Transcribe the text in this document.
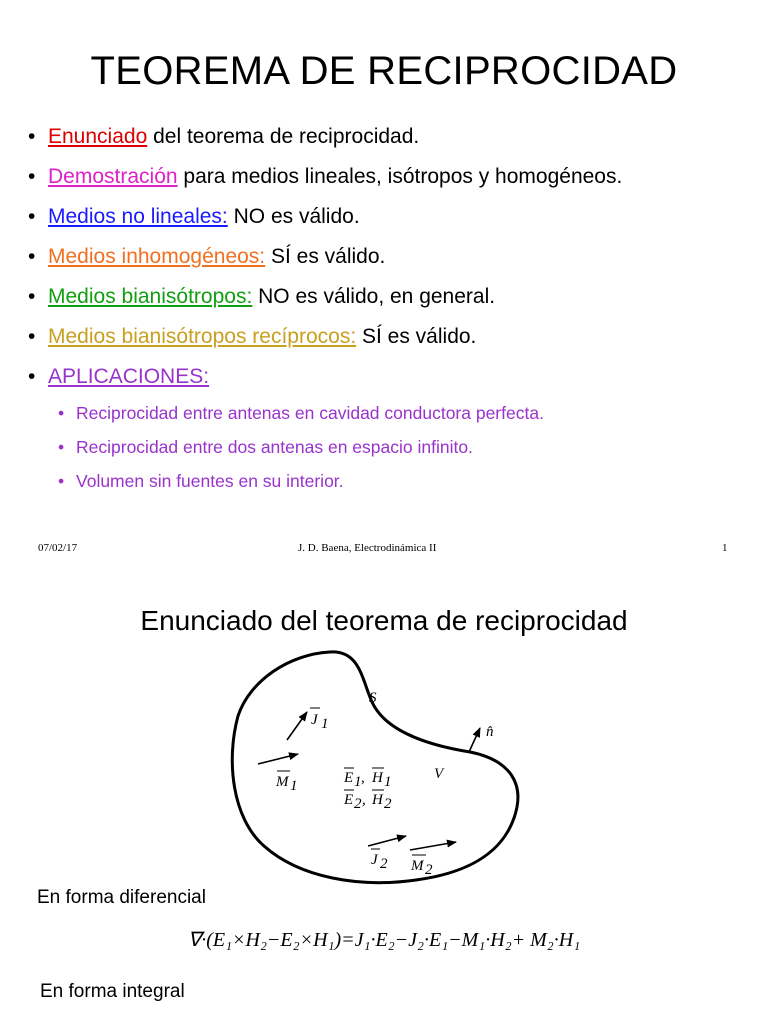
TEOREMA DE RECIPROCIDAD
• Enunciado del teorema de reciprocidad.
• Demostración para medios lineales, isótropos y homogéneos.
• Medios no lineales: NO es válido.
• Medios inhomogéneos: SÍ es válido.
• Medios bianisótropos: NO es válido, en general.
• Medios bianisótropos recíprocos: SÍ es válido.
• APLICACIONES:
• Reciprocidad entre antenas en cavidad conductora perfecta.
• Reciprocidad entre dos antenas en espacio infinito.
• Volumen sin fuentes en su interior.
07/02/17	J. D. Baena, Electrodinámica II	1
Enunciado del teorema de reciprocidad
S
V
n̂
J 1
M 1	E 1 , H 1
E 2 , H 2
J 2 M 2
En forma diferencial
∇·(E₁×H₂−E₂×H₁)=J₁·E₂−J₂·E₁−M₁·H₂+ M₂·H₁
En forma integral
